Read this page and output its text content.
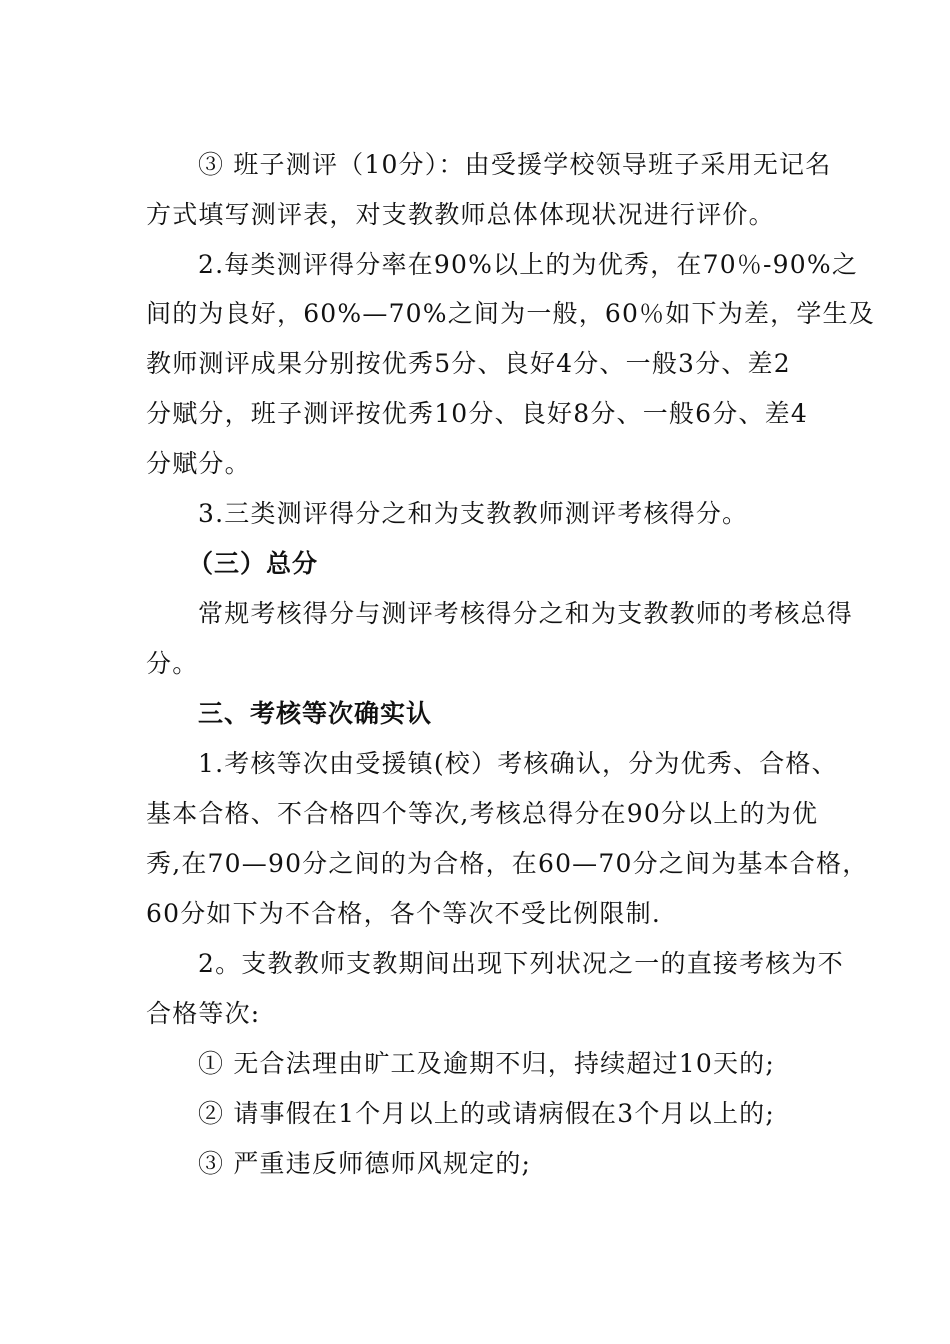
③ 班子测评（10分）：由受援学校领导班子采用无记名
方式填写测评表，对支教教师总体体现状况进行评价。
2.每类测评得分率在90%以上的为优秀，在70％-90%之
间的为良好，60%—70%之间为一般，60％如下为差，学生及
教师测评成果分别按优秀5分、良好4分、一般3分、差2
分赋分，班子测评按优秀10分、良好8分、一般6分、差4
分赋分。
3.三类测评得分之和为支教教师测评考核得分。
（三）总分
常规考核得分与测评考核得分之和为支教教师的考核总得
分。
三、考核等次确实认
1.考核等次由受援镇(校）考核确认，分为优秀、合格、
基本合格、不合格四个等次,考核总得分在90分以上的为优
秀,在70—90分之间的为合格，在60—70分之间为基本合格，
60分如下为不合格，各个等次不受比例限制.
2。支教教师支教期间出现下列状况之一的直接考核为不
合格等次:
① 无合法理由旷工及逾期不归，持续超过10天的;
② 请事假在1个月以上的或请病假在3个月以上的;
③ 严重违反师德师风规定的;
